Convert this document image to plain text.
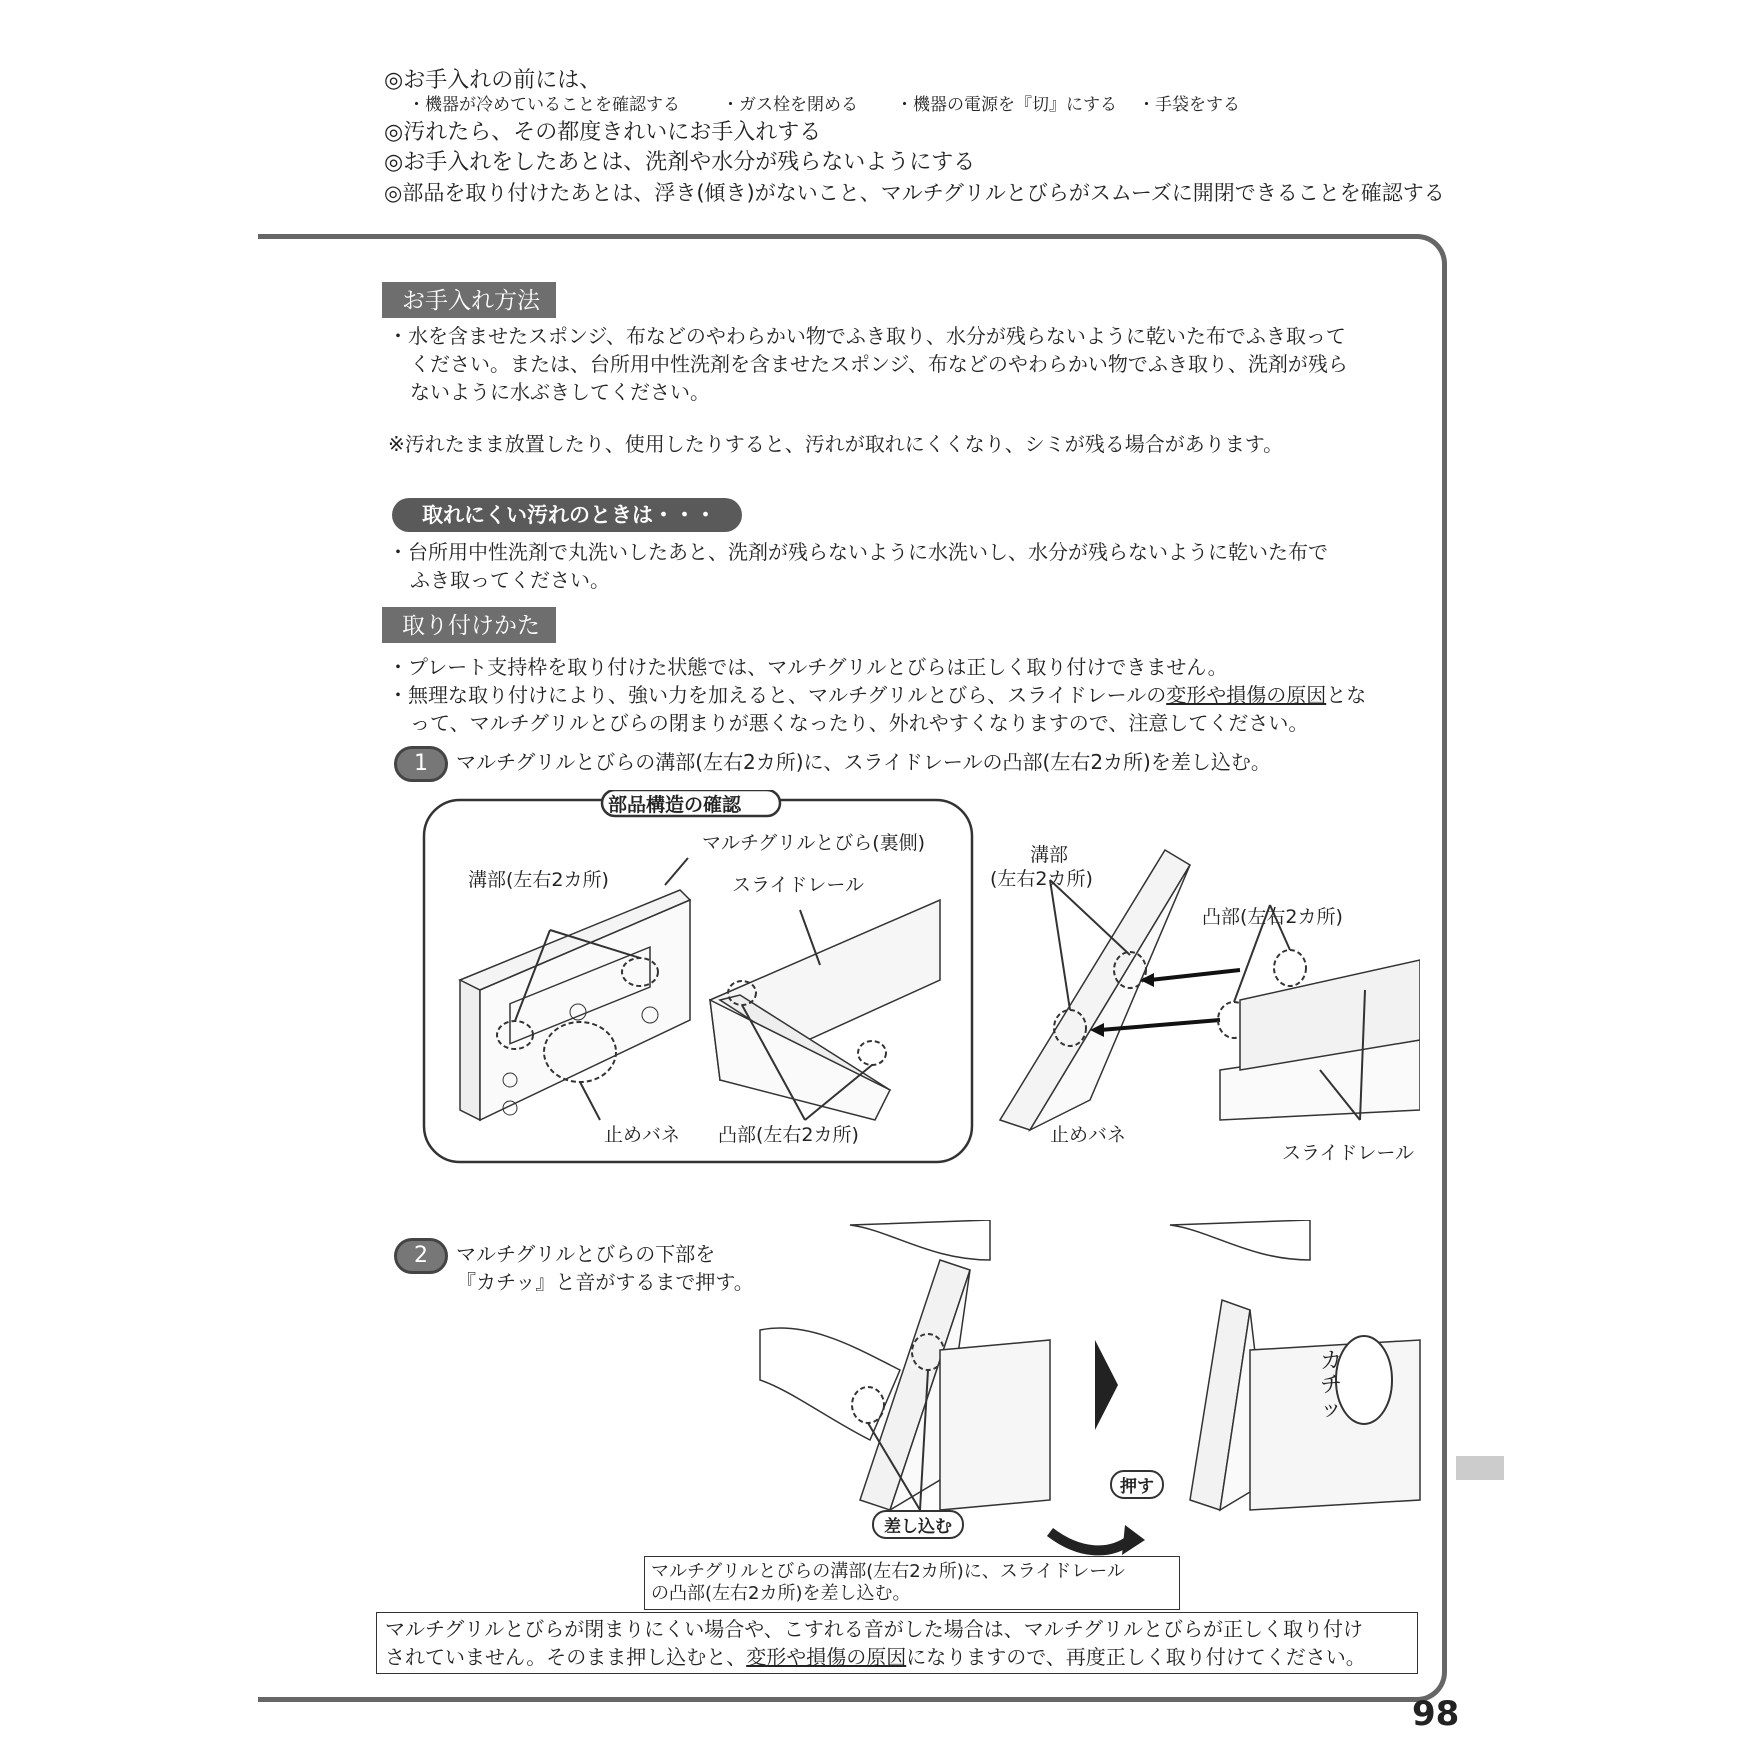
◎お手入れの前には、
・機器が冷めていることを確認する ・ガス栓を閉める ・機器の電源を『切』にする ・手袋をする
◎汚れたら、その都度きれいにお手入れする
◎お手入れをしたあとは、洗剤や水分が残らないようにする
◎部品を取り付けたあとは、浮き(傾き)がないこと、マルチグリルとびらがスムーズに開閉できることを確認する
お手入れ方法
・水を含ませたスポンジ、布などのやわらかい物でふき取り、水分が残らないように乾いた布でふき取って
ください。または、台所用中性洗剤を含ませたスポンジ、布などのやわらかい物でふき取り、洗剤が残ら
ないように水ぶきしてください。
※汚れたまま放置したり、使用したりすると、汚れが取れにくくなり、シミが残る場合があります。
取れにくい汚れのときは・・・
・台所用中性洗剤で丸洗いしたあと、洗剤が残らないように水洗いし、水分が残らないように乾いた布で
ふき取ってください。
取り付けかた
・プレート支持枠を取り付けた状態では、マルチグリルとびらは正しく取り付けできません。
・無理な取り付けにより、強い力を加えると、マルチグリルとびら、スライドレールの変形や損傷の原因とな
って、マルチグリルとびらの閉まりが悪くなったり、外れやすくなりますので、注意してください。
1	マルチグリルとびらの溝部(左右2カ所)に、スライドレールの凸部(左右2カ所)を差し込む。
部品構造の確認
マルチグリルとびら(裏側)
溝部(左右2カ所)	スライドレール
止めバネ 凸部(左右2カ所)
溝部
(左右2カ所)
凸部(左右2カ所)
止めバネ
スライドレール
2	マルチグリルとびらの下部を
『カチッ』と音がするまで押す。
カ
チ
ッ
押す
差し込む
マルチグリルとびらの溝部(左右2カ所)に、スライドレール
の凸部(左右2カ所)を差し込む。
マルチグリルとびらが閉まりにくい場合や、こすれる音がした場合は、マルチグリルとびらが正しく取り付け
されていません。そのまま押し込むと、変形や損傷の原因になりますので、再度正しく取り付けてください。
98
